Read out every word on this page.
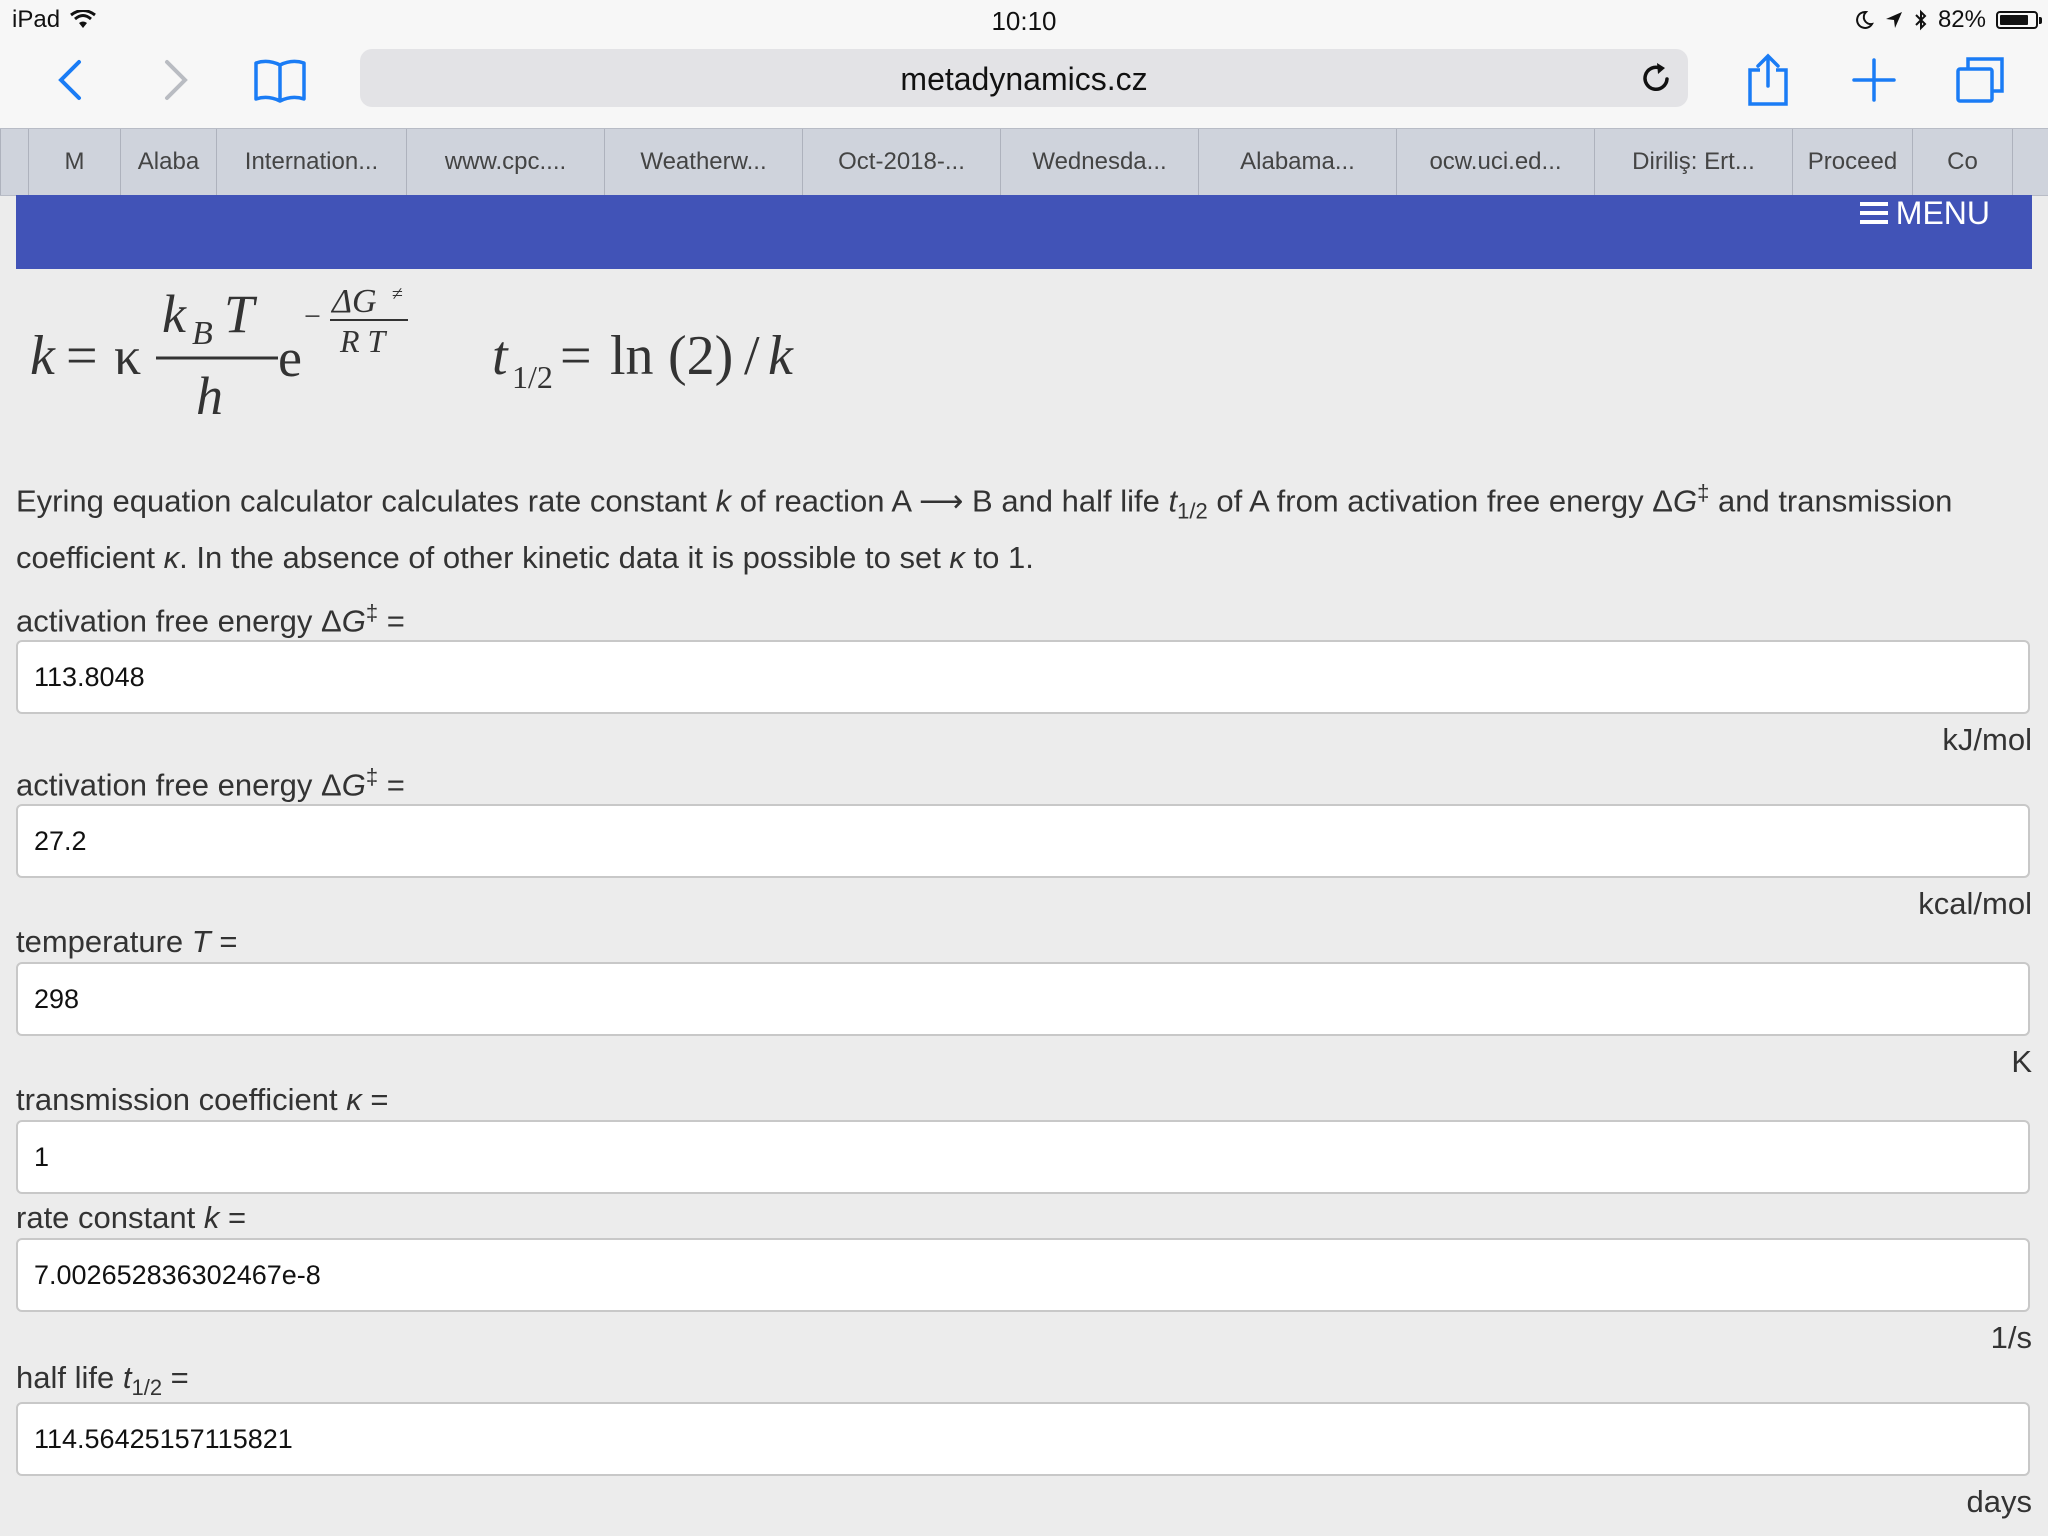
iPad	10:10	82%
metadynamics.cz
M	Alaba	Internation...	www.cpc....	Weatherw...	Oct-2018-...	Wednesda...	Alabama...	ocw.uci.ed...	Diriliş: Ert...	Proceed	Co
MENU
k = κ
k B T
h
e
− ΔG ≠
R T t 1/2 = ln (2) / k
Eyring equation calculator calculates rate constant k of reaction A ⟶ B and half life $t_{1/2}$ of A from activation free energy ΔG‡ and transmission coefficient κ. In the absence of other kinetic data it is possible to set κ to 1.
activation free energy ΔG‡ =
113.8048
kJ/mol
activation free energy ΔG‡ =
27.2
kcal/mol
temperature T =
298
K
transmission coefficient κ =
1
rate constant k =
7.002652836302467e-8
1/s
half life $t_{1/2}$ =
114.56425157115821
days
